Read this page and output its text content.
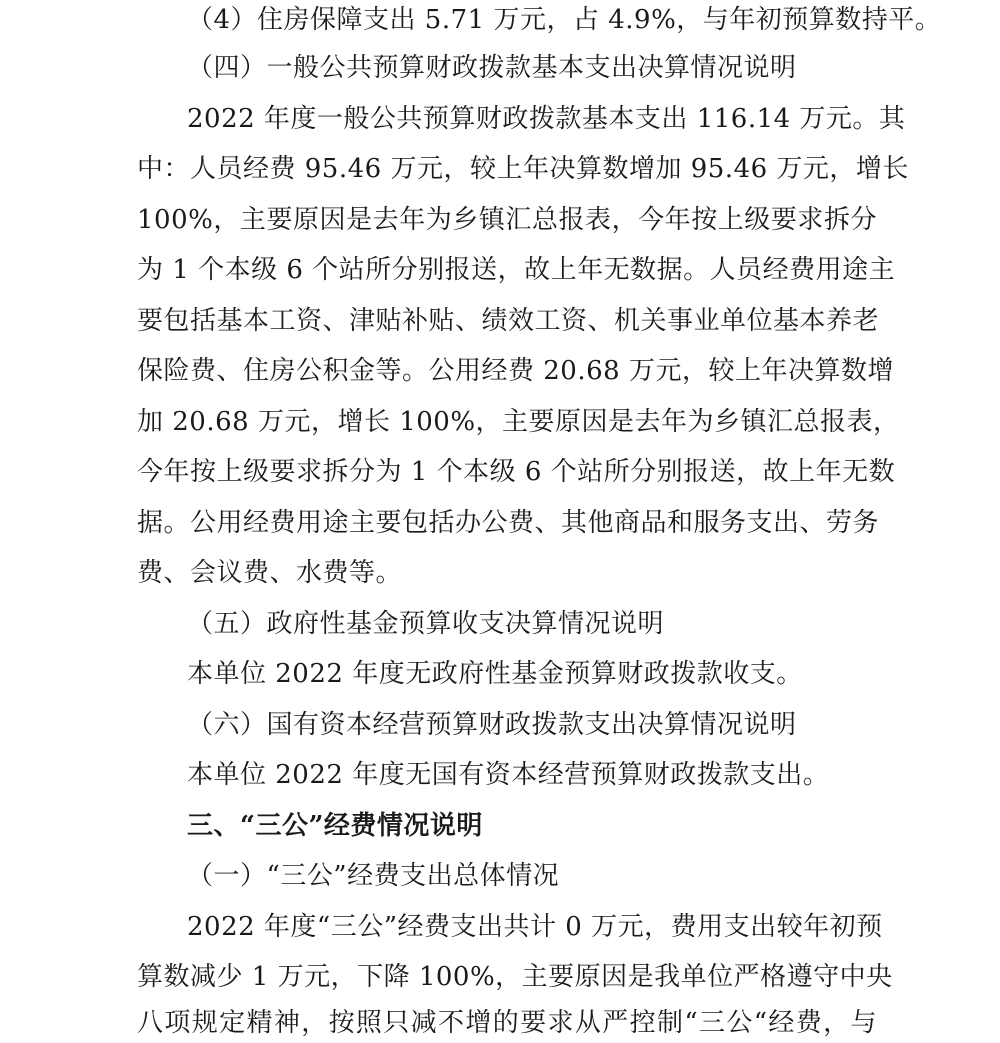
（4）住房保障支出 5.71 万元，占 4.9%，与年初预算数持平。
（四）一般公共预算财政拨款基本支出决算情况说明
2022 年度一般公共预算财政拨款基本支出 116.14 万元。其
中：人员经费 95.46 万元，较上年决算数增加 95.46 万元，增长
100%，主要原因是去年为乡镇汇总报表，今年按上级要求拆分
为 1 个本级 6 个站所分别报送，故上年无数据。人员经费用途主
要包括基本工资、津贴补贴、绩效工资、机关事业单位基本养老
保险费、住房公积金等。公用经费 20.68 万元，较上年决算数增
加 20.68 万元，增长 100%，主要原因是去年为乡镇汇总报表，
今年按上级要求拆分为 1 个本级 6 个站所分别报送，故上年无数
据。公用经费用途主要包括办公费、其他商品和服务支出、劳务
费、会议费、水费等。
（五）政府性基金预算收支决算情况说明
本单位 2022 年度无政府性基金预算财政拨款收支。
（六）国有资本经营预算财政拨款支出决算情况说明
本单位 2022 年度无国有资本经营预算财政拨款支出。
三、“三公”经费情况说明
（一）“三公”经费支出总体情况
2022 年度“三公”经费支出共计 0 万元，费用支出较年初预
算数减少 1 万元，下降 100%，主要原因是我单位严格遵守中央
八项规定精神，按照只减不增的要求从严控制“三公“经费，与
